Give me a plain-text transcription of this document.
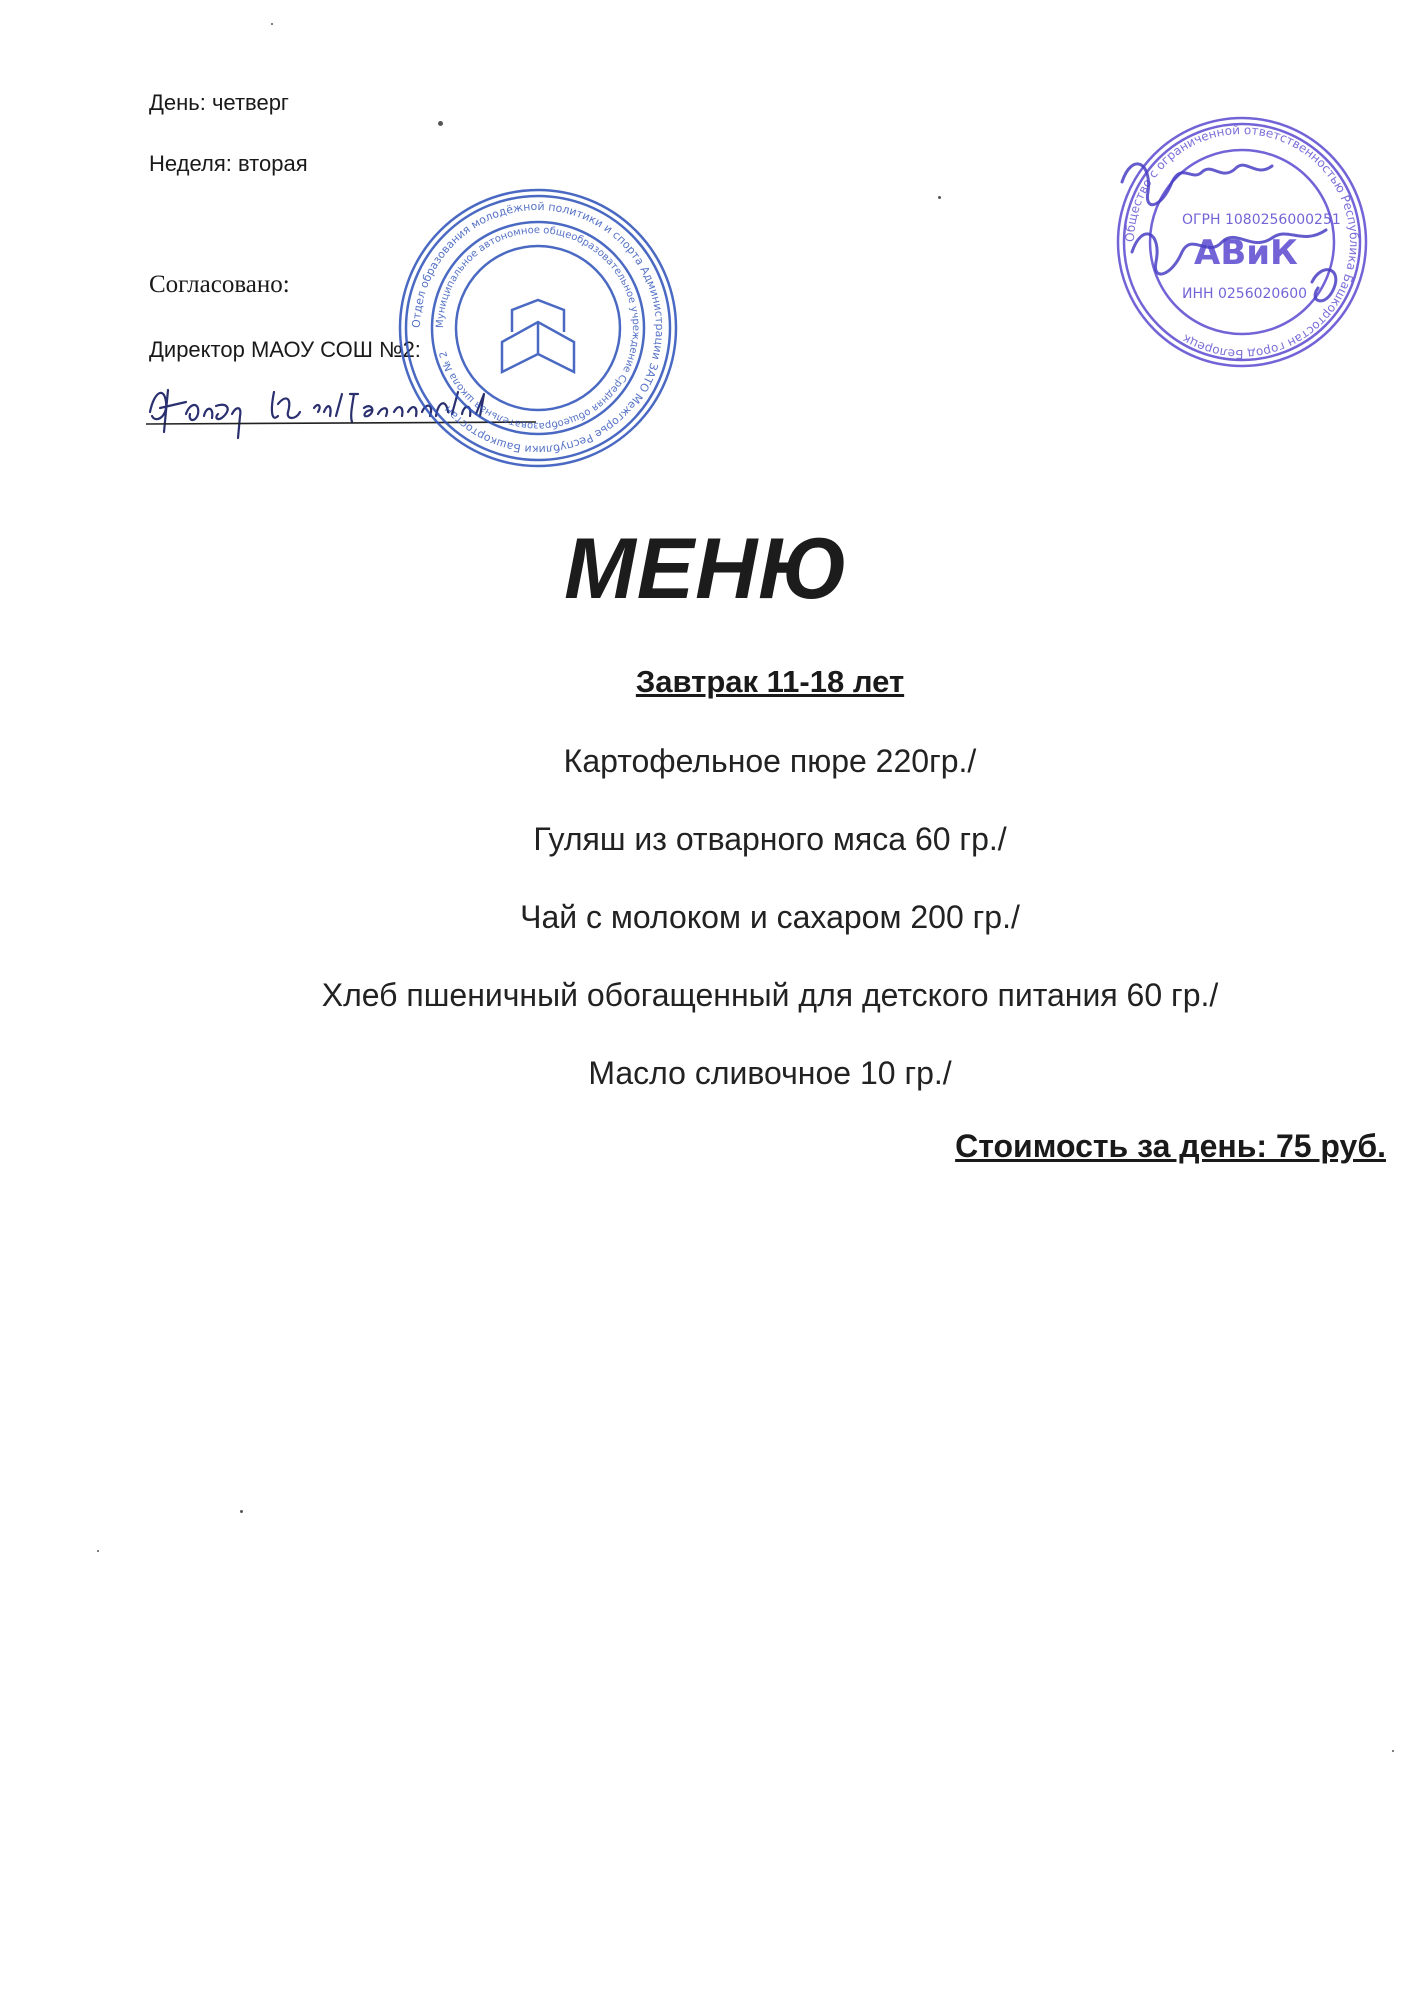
День: четверг
Неделя: вторая
Согласовано:
Директор МАОУ СОШ №2:
Отдел образования молодёжной политики и спорта Администрации ЗАТО Межгорье Республики Башкортостан
Муниципальное автономное общеобразовательное учреждение Средняя общеобразовательная школа № 2
Общество с ограниченной ответственностью Республика Башкортостан город Белорецк
ОГРН 1080256000251
АВиК
ИНН 0256020600
МЕНЮ
Завтрак 11-18 лет
Картофельное пюре 220гр./
Гуляш из отварного мяса 60 гр./
Чай с молоком и сахаром 200 гр./
Хлеб пшеничный обогащенный для детского питания 60 гр./
Масло сливочное 10 гр./
Стоимость за день: 75 руб.
